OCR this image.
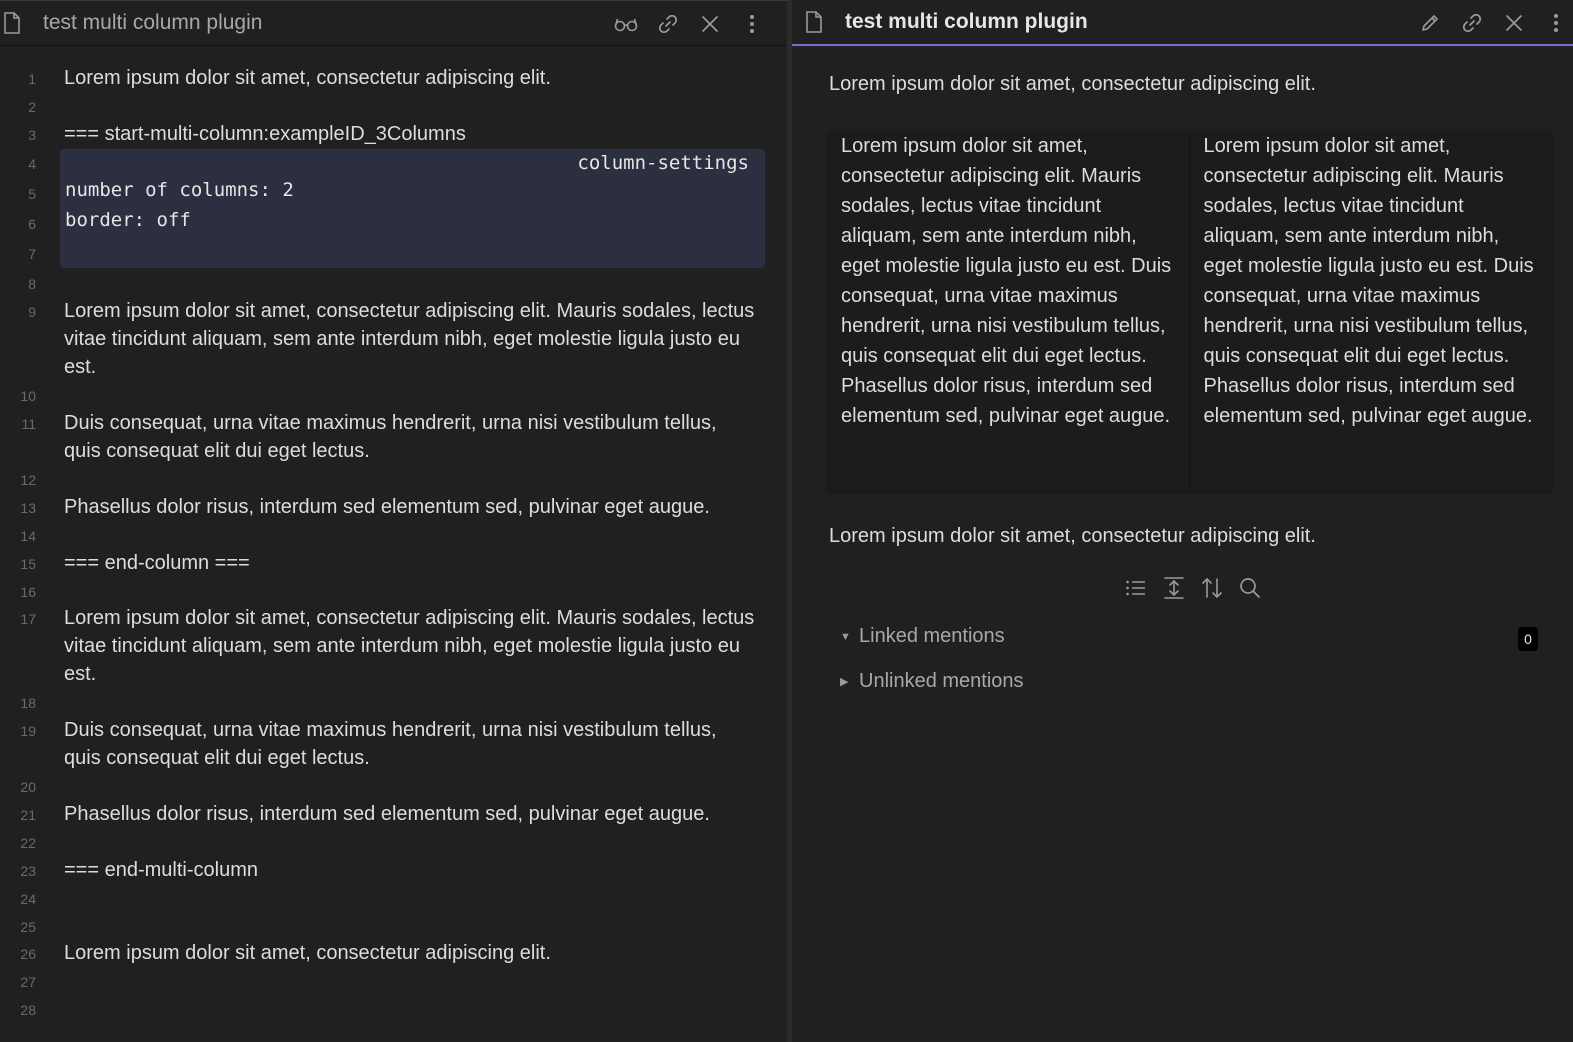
test multi column plugin
column-settings
number of columns: 2
border: off
1 Lorem ipsum dolor sit amet, consectetur adipiscing elit.
2
3 === start-multi-column:exampleID_3Columns
4
5
6
7
8
9 Lorem ipsum dolor sit amet, consectetur adipiscing elit. Mauris sodales, lectus vitae tincidunt aliquam, sem ante interdum nibh, eget molestie ligula justo eu est.
10
11 Duis consequat, urna vitae maximus hendrerit, urna nisi vestibulum tellus, quis consequat elit dui eget lectus.
12
13 Phasellus dolor risus, interdum sed elementum sed, pulvinar eget augue.
14
15 === end-column ===
16
17 Lorem ipsum dolor sit amet, consectetur adipiscing elit. Mauris sodales, lectus vitae tincidunt aliquam, sem ante interdum nibh, eget molestie ligula justo eu est.
18
19 Duis consequat, urna vitae maximus hendrerit, urna nisi vestibulum tellus, quis consequat elit dui eget lectus.
20
21 Phasellus dolor risus, interdum sed elementum sed, pulvinar eget augue.
22
23 === end-multi-column
24
25
26 Lorem ipsum dolor sit amet, consectetur adipiscing elit.
27
28
test multi column plugin

Lorem ipsum dolor sit amet, consectetur adipiscing elit.

Lorem ipsum dolor sit amet, consectetur adipiscing elit. Mauris sodales, lectus vitae tincidunt aliquam, sem ante interdum nibh, eget molestie ligula justo eu est. Duis consequat, urna vitae maximus hendrerit, urna nisi vestibulum tellus, quis consequat elit dui eget lectus.

Phasellus dolor risus, interdum sed elementum sed, pulvinar eget augue.

Lorem ipsum dolor sit amet, consectetur adipiscing elit. Mauris sodales, lectus vitae tincidunt aliquam, sem ante interdum nibh, eget molestie ligula justo eu est. Duis consequat, urna vitae maximus hendrerit, urna nisi vestibulum tellus, quis consequat elit dui eget lectus.

Phasellus dolor risus, interdum sed elementum sed, pulvinar eget augue.

Lorem ipsum dolor sit amet, consectetur adipiscing elit.

▼ Linked mentions	0
▶ Unlinked mentions
